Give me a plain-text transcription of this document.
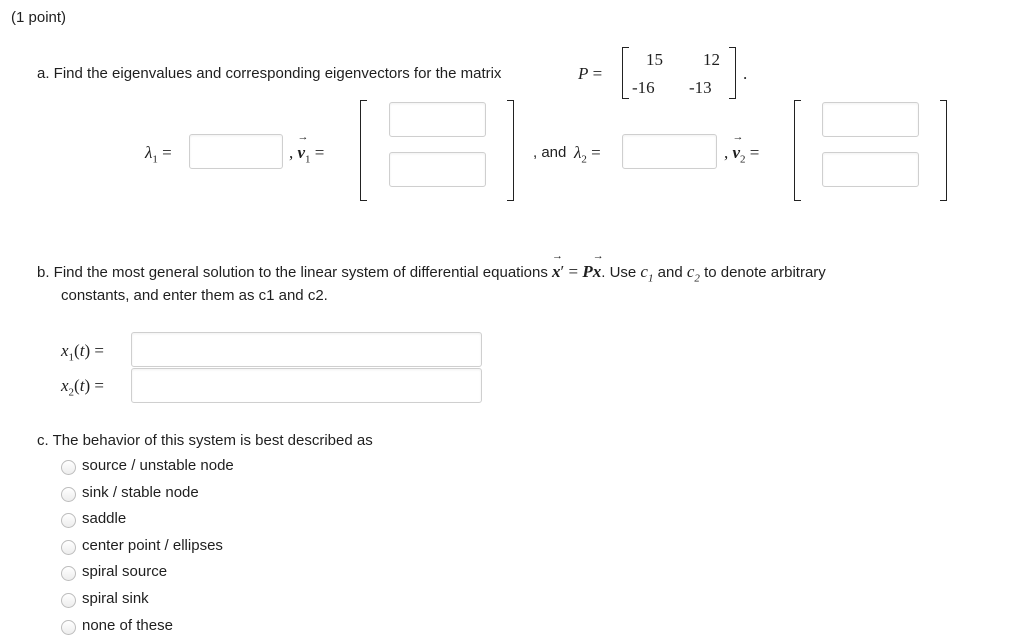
(1 point)
a. Find the eigenvalues and corresponding eigenvectors for the matrix	P =
15 12
-16 -13
.
$\lambda_1$ =	, → $v_1$ =	, and $\lambda_2$ =	, → $v_2$ =
b. Find the most general solution to the linear system of differential equations → x′ = P→ x. Use $c_1$ and $c_2$ to denote arbitrary
constants, and enter them as c1 and c2.
$x_1(t)$ =
$x_2(t)$ =
c. The behavior of this system is best described as
source / unstable node
sink / stable node
saddle
center point / ellipses
spiral source
spiral sink
none of these
